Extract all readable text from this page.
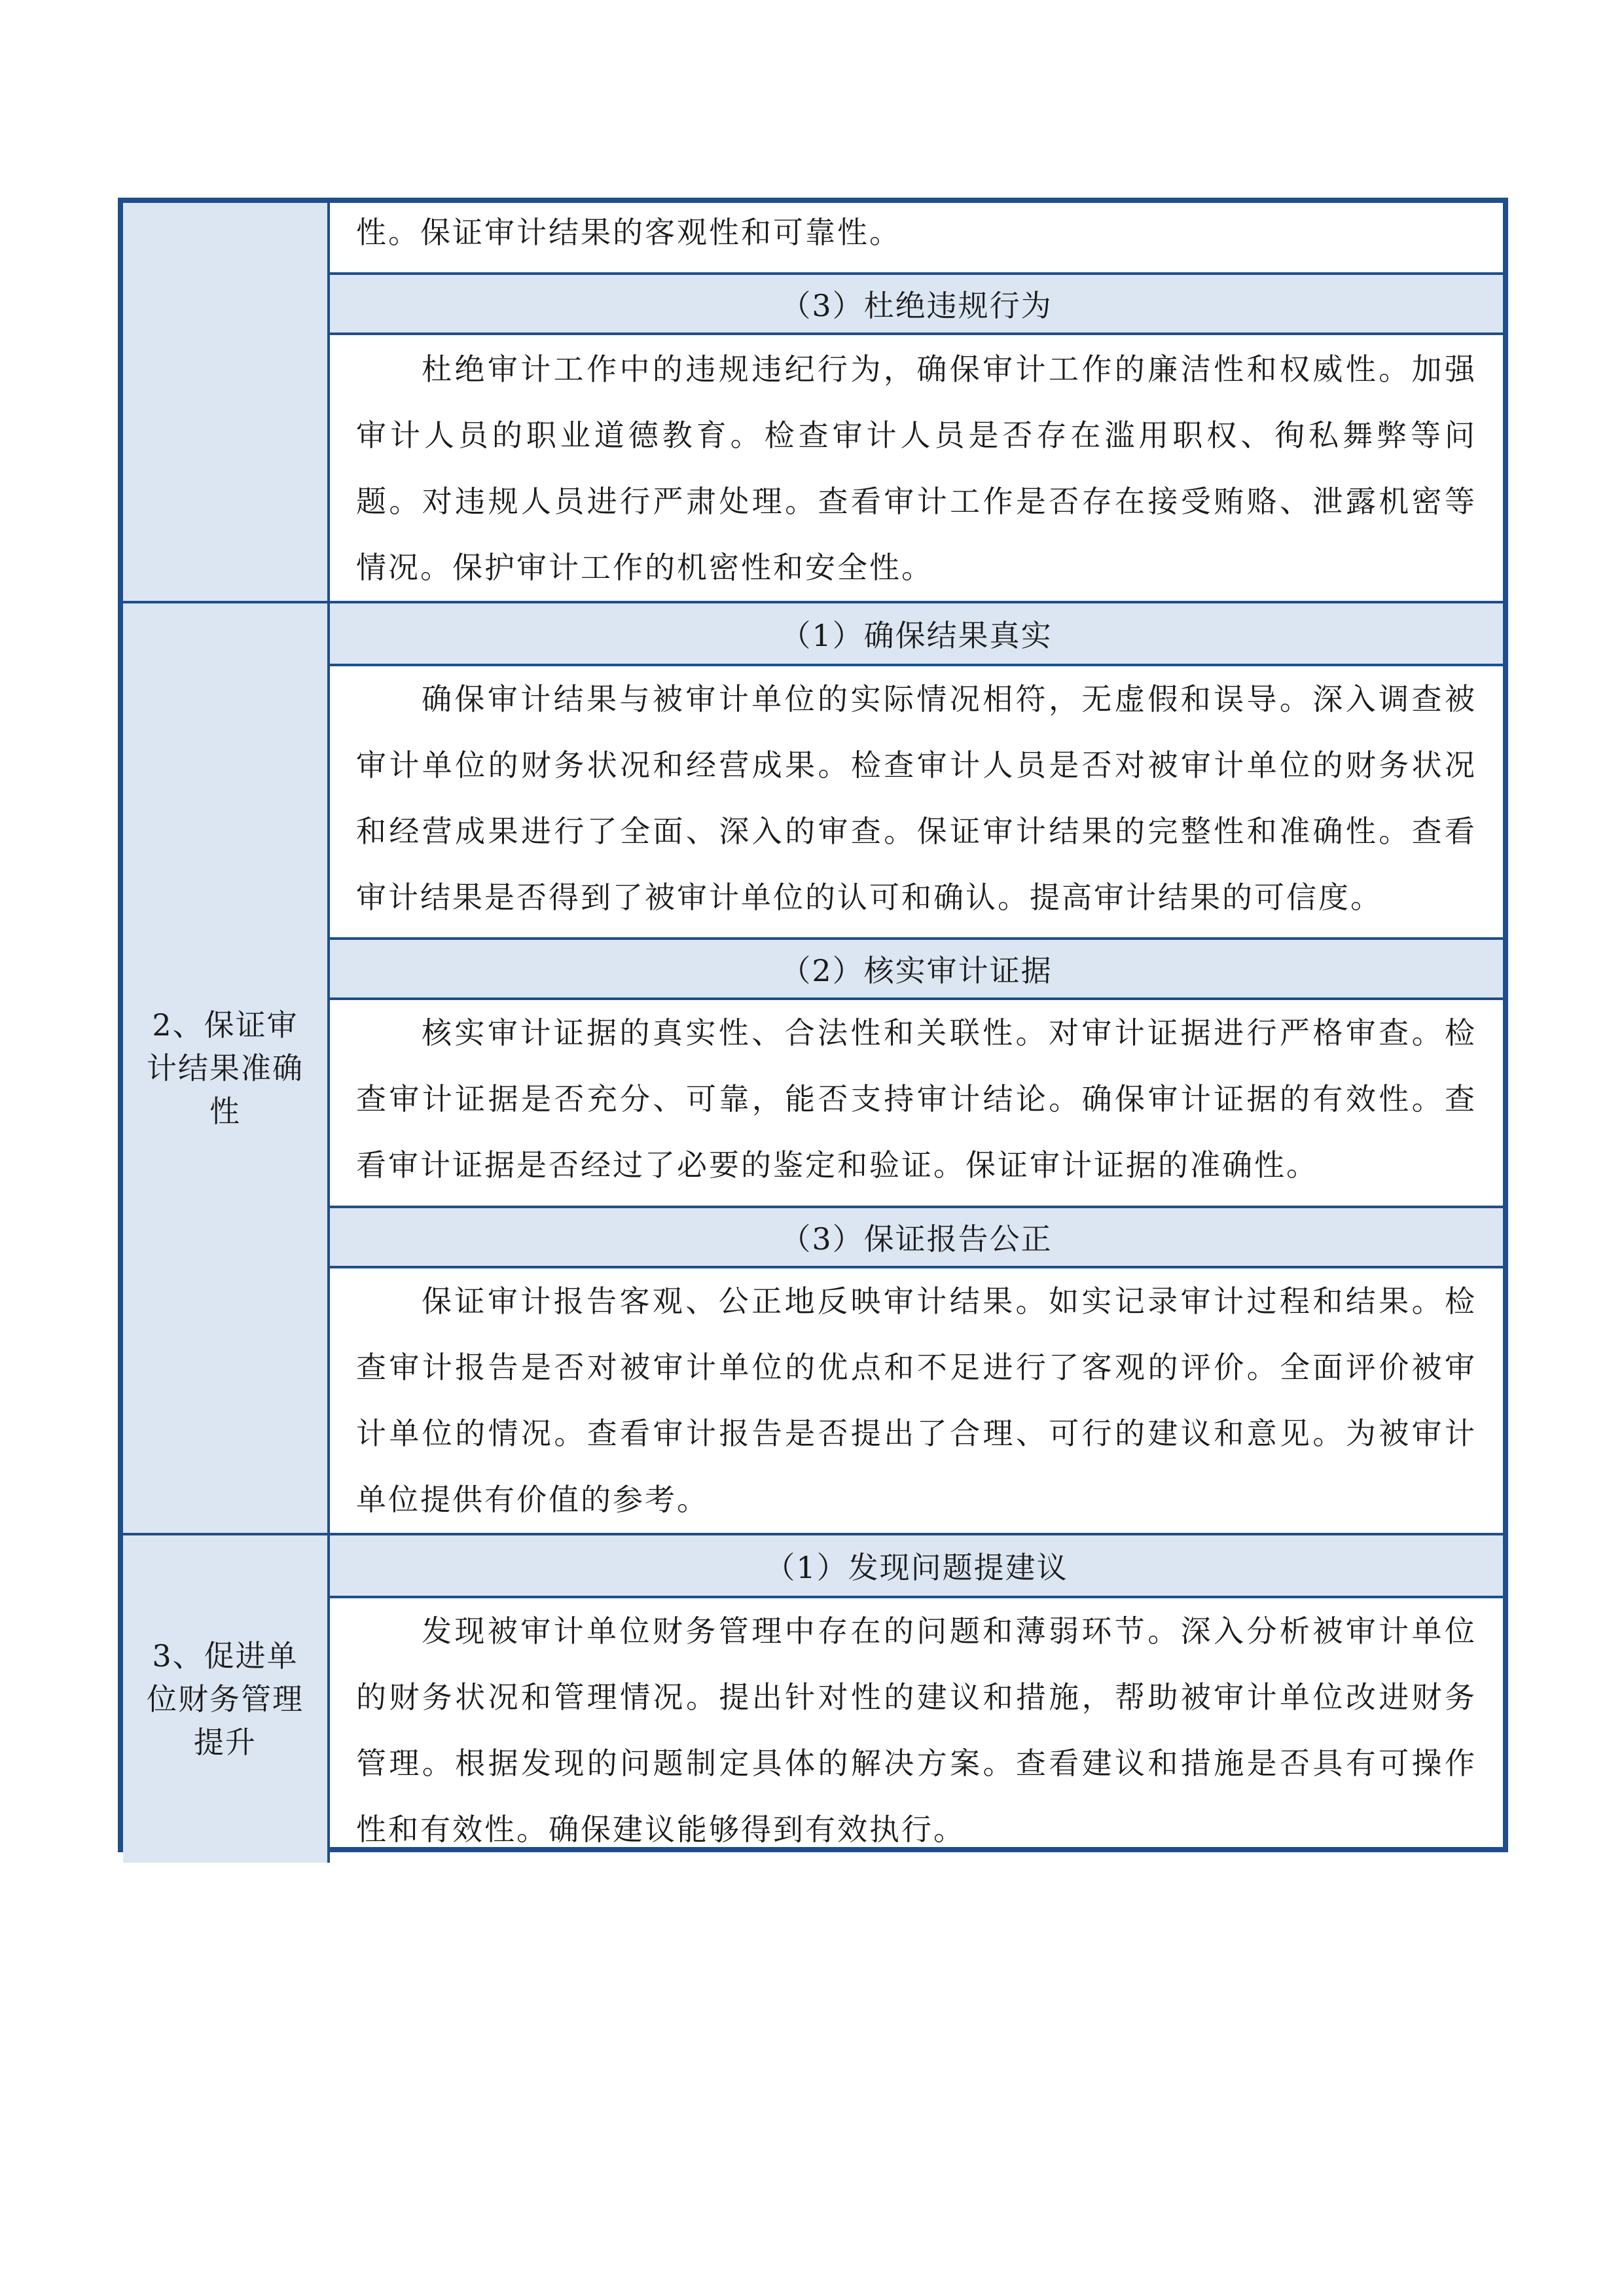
性。保证审计结果的客观性和可靠性。
（3）杜绝违规行为
杜绝审计工作中的违规违纪行为，确保审计工作的廉洁性和权威性。加强审计人员的职业道德教育。检查审计人员是否存在滥用职权、徇私舞弊等问题。对违规人员进行严肃处理。查看审计工作是否存在接受贿赂、泄露机密等情况。保护审计工作的机密性和安全性。
2、保证审计结果准确性
（1）确保结果真实
确保审计结果与被审计单位的实际情况相符，无虚假和误导。深入调查被审计单位的财务状况和经营成果。检查审计人员是否对被审计单位的财务状况和经营成果进行了全面、深入的审查。保证审计结果的完整性和准确性。查看审计结果是否得到了被审计单位的认可和确认。提高审计结果的可信度。
（2）核实审计证据
核实审计证据的真实性、合法性和关联性。对审计证据进行严格审查。检查审计证据是否充分、可靠，能否支持审计结论。确保审计证据的有效性。查看审计证据是否经过了必要的鉴定和验证。保证审计证据的准确性。
（3）保证报告公正
保证审计报告客观、公正地反映审计结果。如实记录审计过程和结果。检查审计报告是否对被审计单位的优点和不足进行了客观的评价。全面评价被审计单位的情况。查看审计报告是否提出了合理、可行的建议和意见。为被审计单位提供有价值的参考。
3、促进单位财务管理提升
（1）发现问题提建议
发现被审计单位财务管理中存在的问题和薄弱环节。深入分析被审计单位的财务状况和管理情况。提出针对性的建议和措施，帮助被审计单位改进财务管理。根据发现的问题制定具体的解决方案。查看建议和措施是否具有可操作性和有效性。确保建议能够得到有效执行。
